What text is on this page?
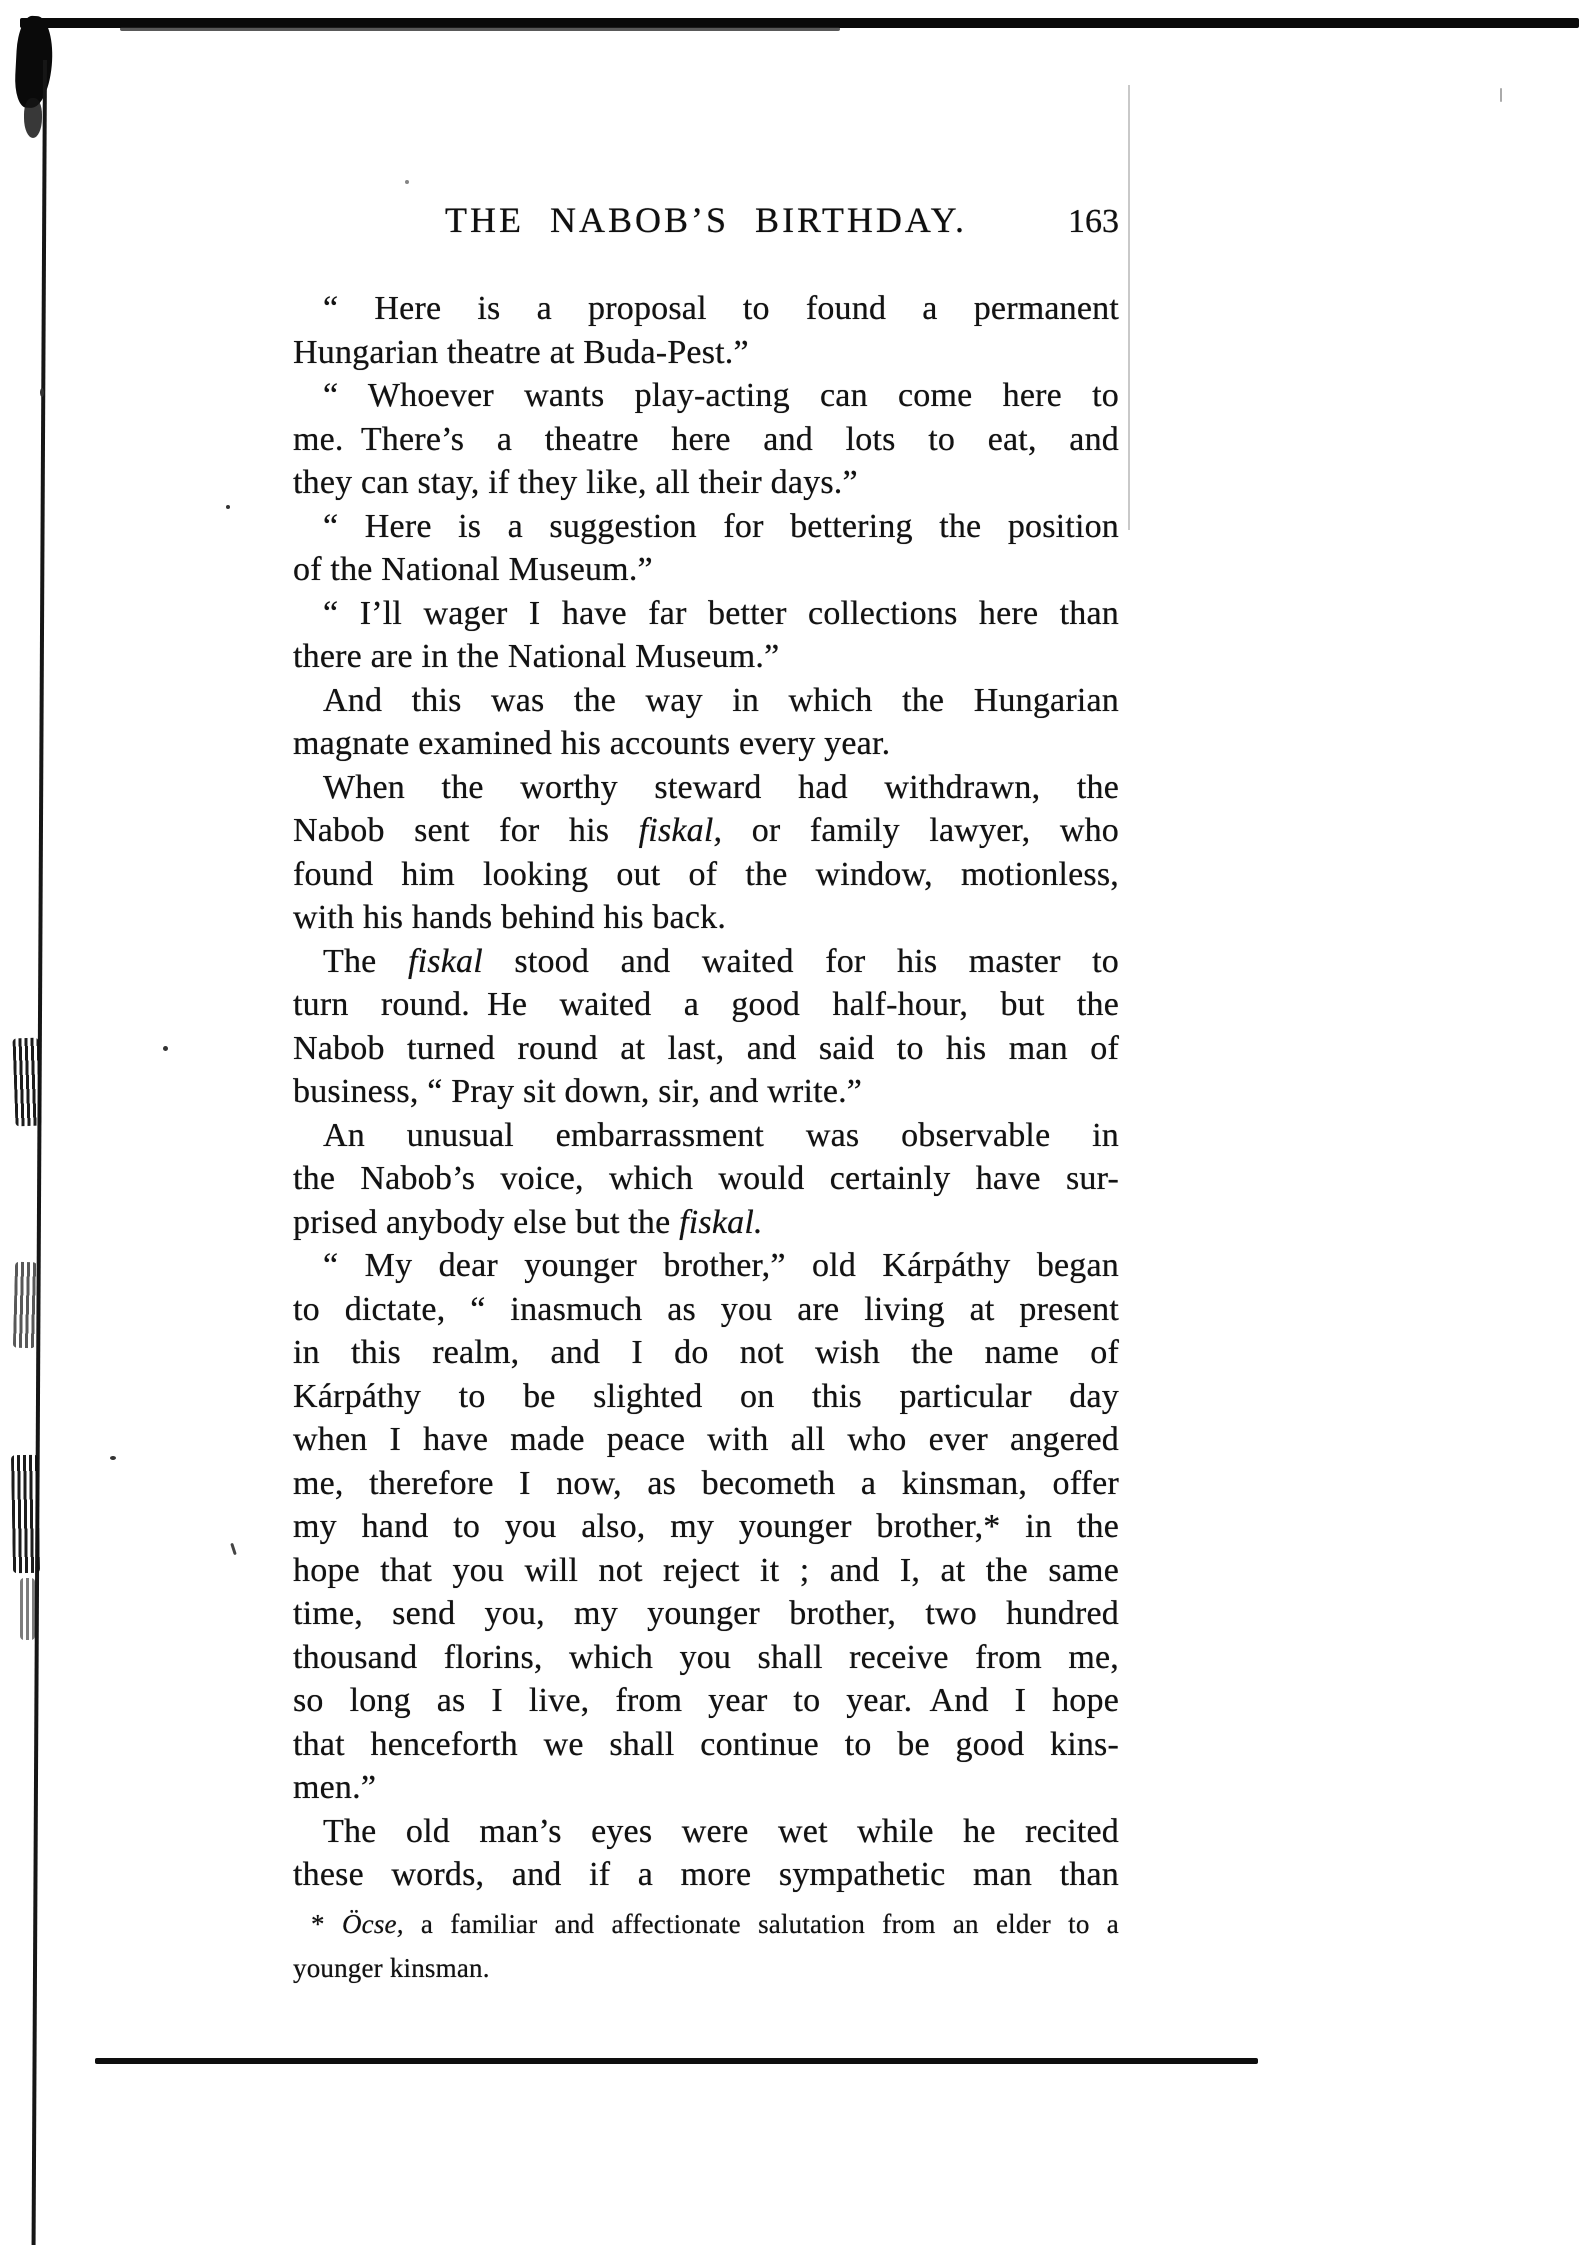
THE NABOB’S BIRTHDAY.	163
“ Here is a proposal to found a permanent
Hungarian theatre at Buda-Pest.”
“ Whoever wants play-acting can come here to
me. There’s a theatre here and lots to eat, and
they can stay, if they like, all their days.”
“ Here is a suggestion for bettering the position
of the National Museum.”
“ I’ll wager I have far better collections here than
there are in the National Museum.”
And this was the way in which the Hungarian
magnate examined his accounts every year.
When the worthy steward had withdrawn, the
Nabob sent for his fiskal, or family lawyer, who
found him looking out of the window, motionless,
with his hands behind his back.
The fiskal stood and waited for his master to
turn round. He waited a good half-hour, but the
Nabob turned round at last, and said to his man of
business, “ Pray sit down, sir, and write.”
An unusual embarrassment was observable in
the Nabob’s voice, which would certainly have sur-
prised anybody else but the fiskal.
“ My dear younger brother,” old Kárpáthy began
to dictate, “ inasmuch as you are living at present
in this realm, and I do not wish the name of
Kárpáthy to be slighted on this particular day
when I have made peace with all who ever angered
me, therefore I now, as becometh a kinsman, offer
my hand to you also, my younger brother,* in the
hope that you will not reject it ; and I, at the same
time, send you, my younger brother, two hundred
thousand florins, which you shall receive from me,
so long as I live, from year to year. And I hope
that henceforth we shall continue to be good kins-
men.”
The old man’s eyes were wet while he recited
these words, and if a more sympathetic man than
* Öcse, a familiar and affectionate salutation from an elder to a
younger kinsman.
